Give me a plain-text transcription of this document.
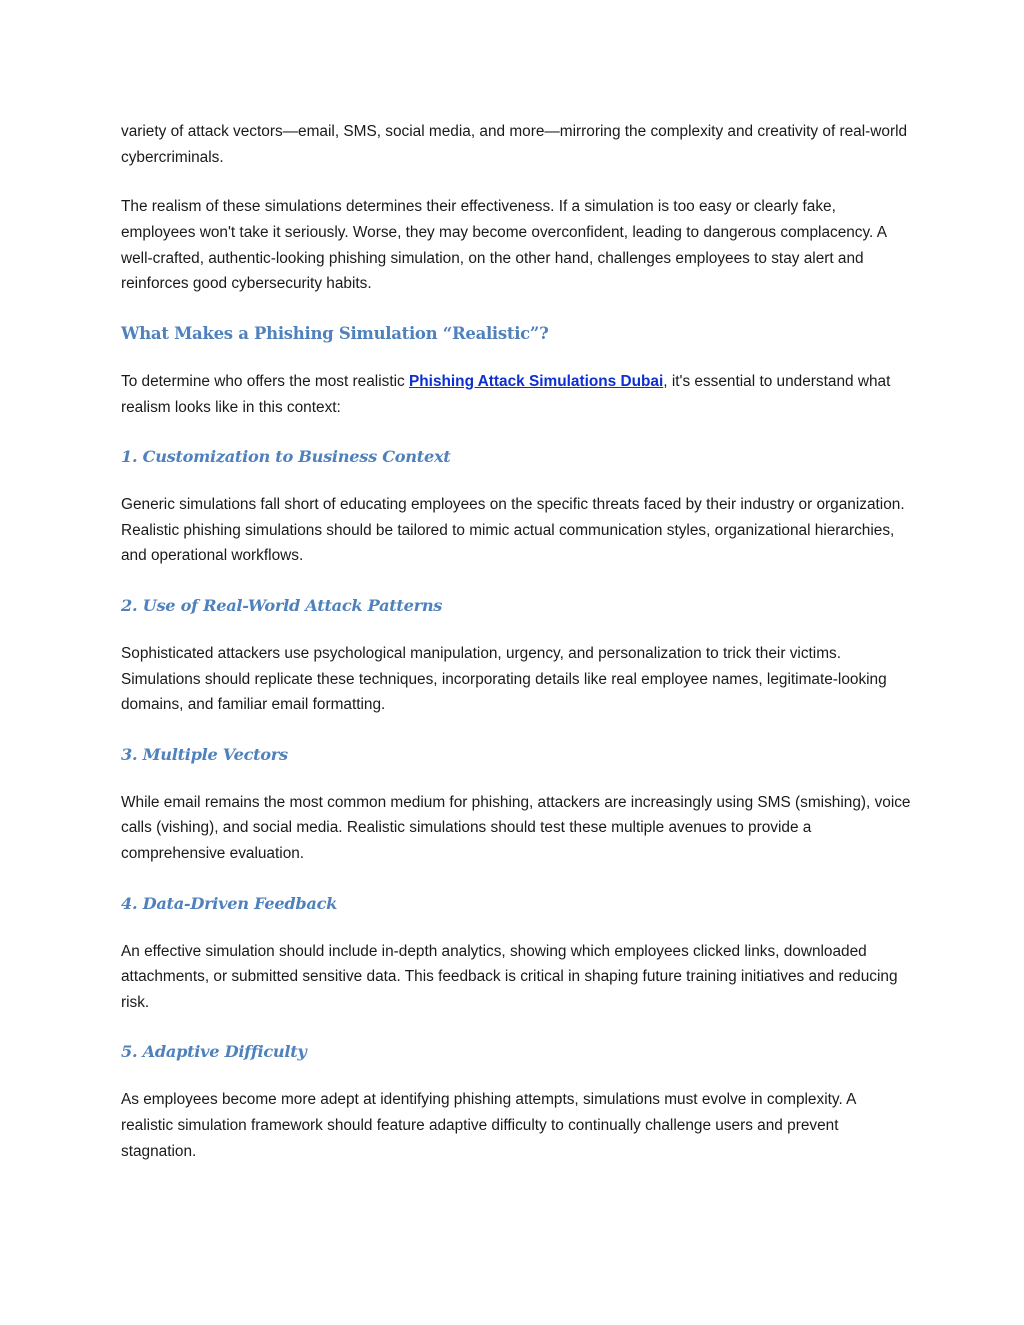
variety of attack vectors—email, SMS, social media, and more—mirroring the complexity and creativity of real-world cybercriminals.

The realism of these simulations determines their effectiveness. If a simulation is too easy or clearly fake, employees won't take it seriously. Worse, they may become overconfident, leading to dangerous complacency. A well-crafted, authentic-looking phishing simulation, on the other hand, challenges employees to stay alert and reinforces good cybersecurity habits.

What Makes a Phishing Simulation “Realistic”?

To determine who offers the most realistic Phishing Attack Simulations Dubai, it's essential to understand what realism looks like in this context:

1. Customization to Business Context

Generic simulations fall short of educating employees on the specific threats faced by their industry or organization. Realistic phishing simulations should be tailored to mimic actual communication styles, organizational hierarchies, and operational workflows.

2. Use of Real-World Attack Patterns

Sophisticated attackers use psychological manipulation, urgency, and personalization to trick their victims. Simulations should replicate these techniques, incorporating details like real employee names, legitimate-looking domains, and familiar email formatting.

3. Multiple Vectors

While email remains the most common medium for phishing, attackers are increasingly using SMS (smishing), voice calls (vishing), and social media. Realistic simulations should test these multiple avenues to provide a comprehensive evaluation.

4. Data-Driven Feedback

An effective simulation should include in-depth analytics, showing which employees clicked links, downloaded attachments, or submitted sensitive data. This feedback is critical in shaping future training initiatives and reducing risk.

5. Adaptive Difficulty

As employees become more adept at identifying phishing attempts, simulations must evolve in complexity. A realistic simulation framework should feature adaptive difficulty to continually challenge users and prevent stagnation.
